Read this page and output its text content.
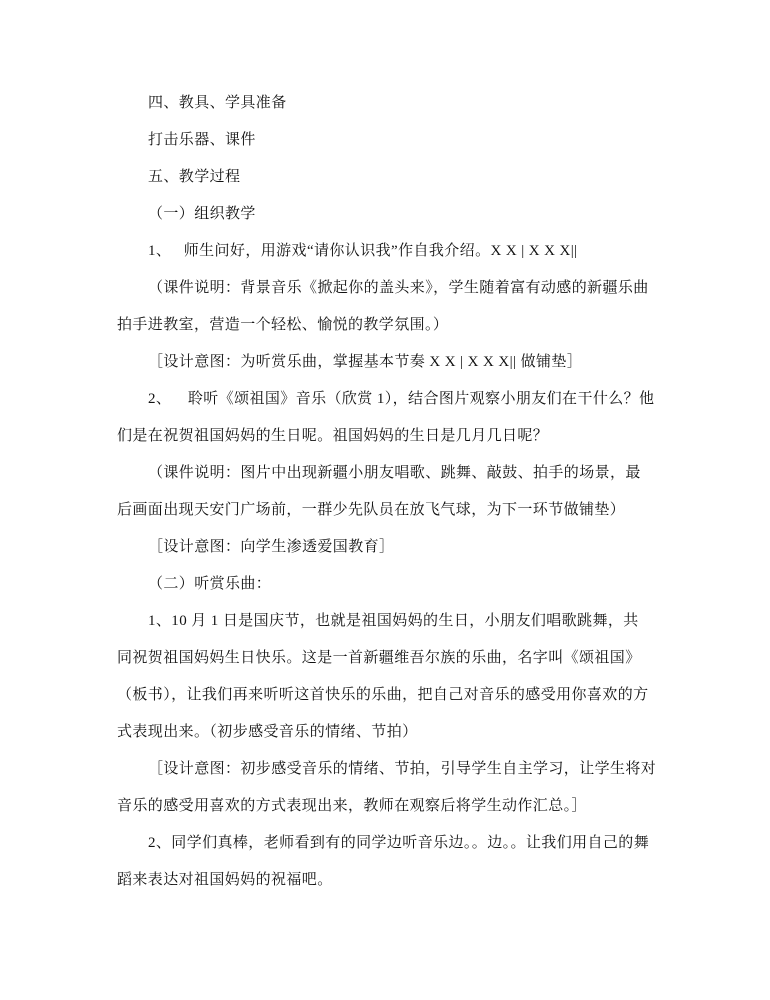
四、教具、学具准备
打击乐器、课件
五、教学过程
（一）组织教学
1、   师生问好，用游戏“请你认识我”作自我介绍。X X | X X X||
（课件说明：背景音乐《掀起你的盖头来》，学生随着富有动感的新疆乐曲
拍手进教室，营造一个轻松、愉悦的教学氛围。）
［设计意图：为听赏乐曲，掌握基本节奏 X X | X X X|| 做铺垫］
2、    聆听《颂祖国》音乐（欣赏 1），结合图片观察小朋友们在干什么？他
们是在祝贺祖国妈妈的生日呢。祖国妈妈的生日是几月几日呢？
（课件说明：图片中出现新疆小朋友唱歌、跳舞、敲鼓、拍手的场景，最
后画面出现天安门广场前，一群少先队员在放飞气球，为下一环节做铺垫）
［设计意图：向学生渗透爱国教育］
（二）听赏乐曲：
1、10 月 1 日是国庆节，也就是祖国妈妈的生日，小朋友们唱歌跳舞，共
同祝贺祖国妈妈生日快乐。这是一首新疆维吾尔族的乐曲，名字叫《颂祖国》
（板书），让我们再来听听这首快乐的乐曲，把自己对音乐的感受用你喜欢的方
式表现出来。（初步感受音乐的情绪、节拍）
［设计意图：初步感受音乐的情绪、节拍，引导学生自主学习，让学生将对
音乐的感受用喜欢的方式表现出来，教师在观察后将学生动作汇总。］
2、同学们真棒，老师看到有的同学边听音乐边。。边。。让我们用自己的舞
蹈来表达对祖国妈妈的祝福吧。
